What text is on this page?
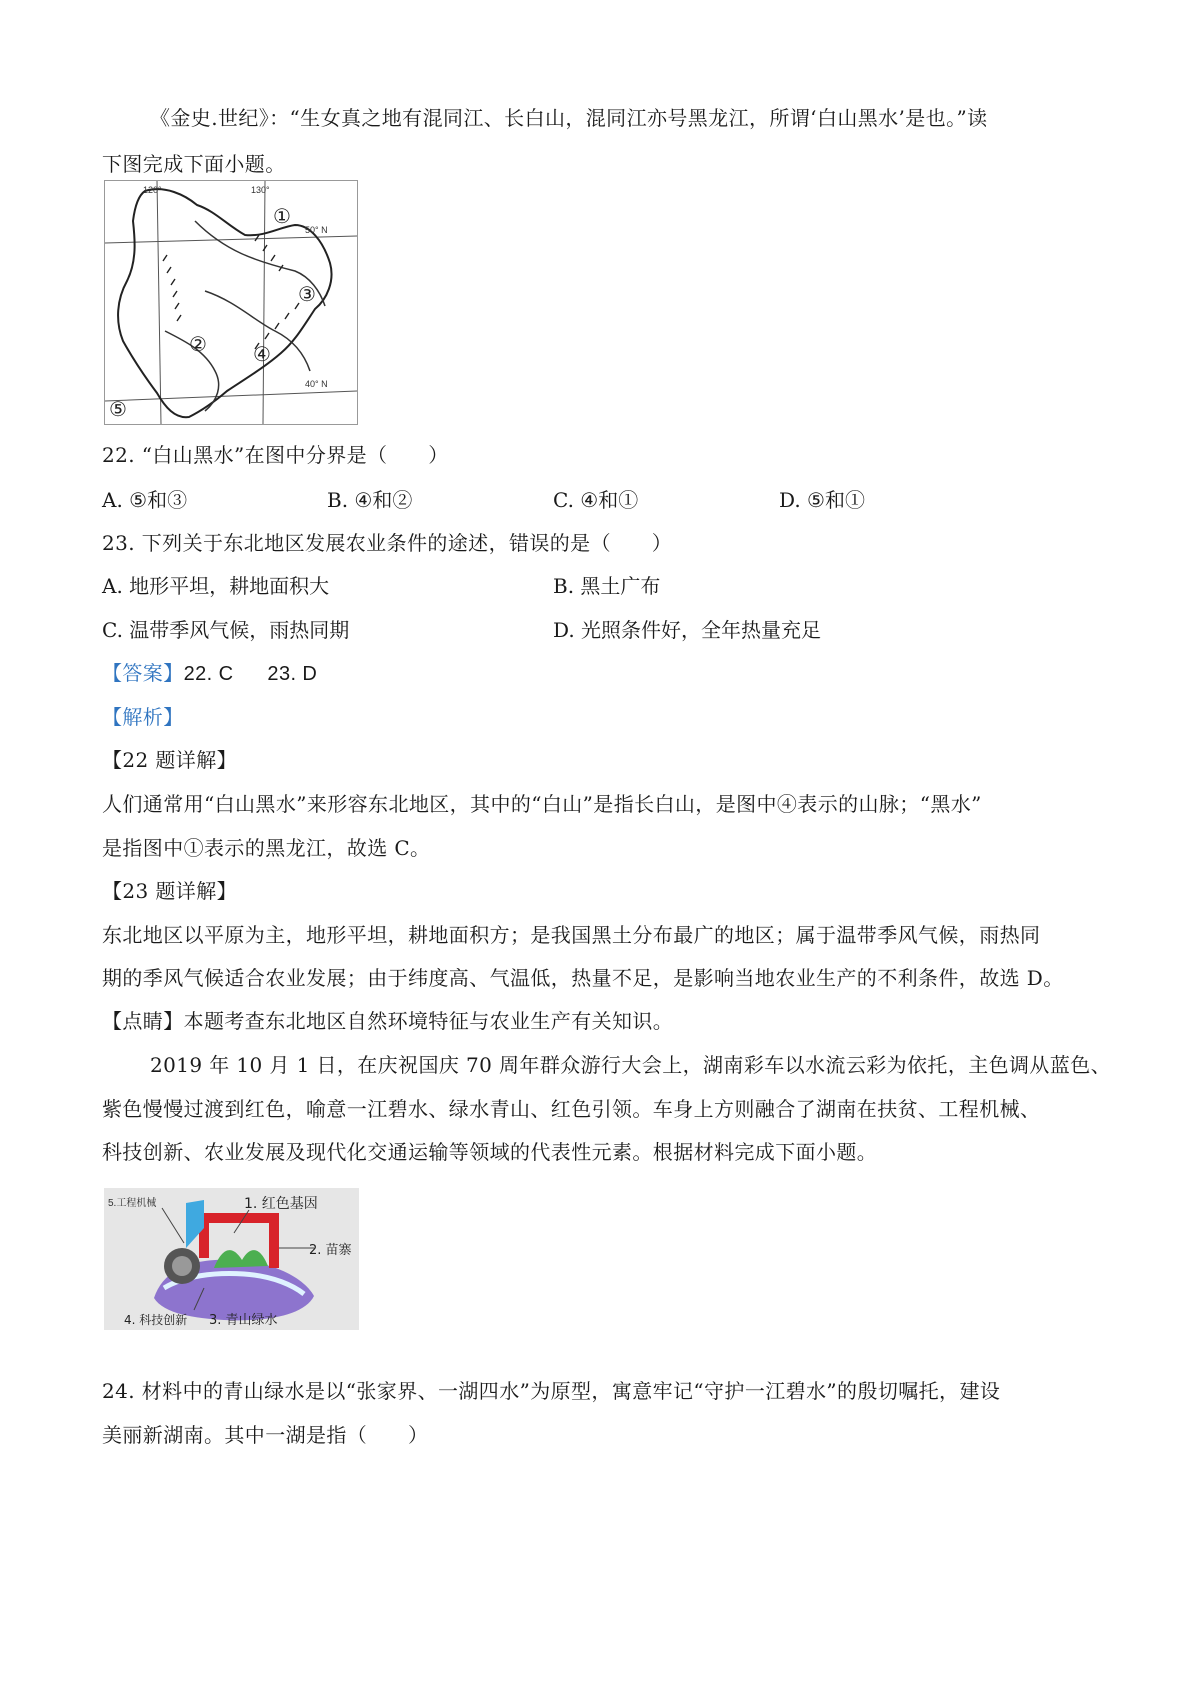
《金史.世纪》：“生女真之地有混同江、长白山，混同江亦号黑龙江，所谓‘白山黑水’是也。”读
下图完成下面小题。
120°	130°
50° N
40° N
①
②
③
④
⑤
22. “白山黑水”在图中分界是（　　）
A. ⑤和③	B. ④和②	C. ④和①	D. ⑤和①
23. 下列关于东北地区发展农业条件的途述，错误的是（　　）
A. 地形平坦，耕地面积大	B. 黑土广布
C. 温带季风气候，雨热同期	D. 光照条件好，全年热量充足
【答案】22. C 23. D
【解析】
【22 题详解】
人们通常用“白山黑水”来形容东北地区，其中的“白山”是指长白山，是图中④表示的山脉；“黑水”
是指图中①表示的黑龙江，故选 C。
【23 题详解】
东北地区以平原为主，地形平坦，耕地面积方；是我国黑土分布最广的地区；属于温带季风气候，雨热同
期的季风气候适合农业发展；由于纬度高、气温低，热量不足，是影响当地农业生产的不利条件，故选 D。
【点睛】本题考查东北地区自然环境特征与农业生产有关知识。
2019 年 10 月 1 日，在庆祝国庆 70 周年群众游行大会上，湖南彩车以水流云彩为依托，主色调从蓝色、
紫色慢慢过渡到红色，喻意一江碧水、绿水青山、红色引领。车身上方则融合了湖南在扶贫、工程机械、
科技创新、农业发展及现代化交通运输等领域的代表性元素。根据材料完成下面小题。
5.工程机械	1. 红色基因
2. 苗寨
4. 科技创新 3. 青山绿水
24. 材料中的青山绿水是以“张家界、一湖四水”为原型，寓意牢记“守护一江碧水”的殷切嘱托，建设
美丽新湖南。其中一湖是指（　　）
